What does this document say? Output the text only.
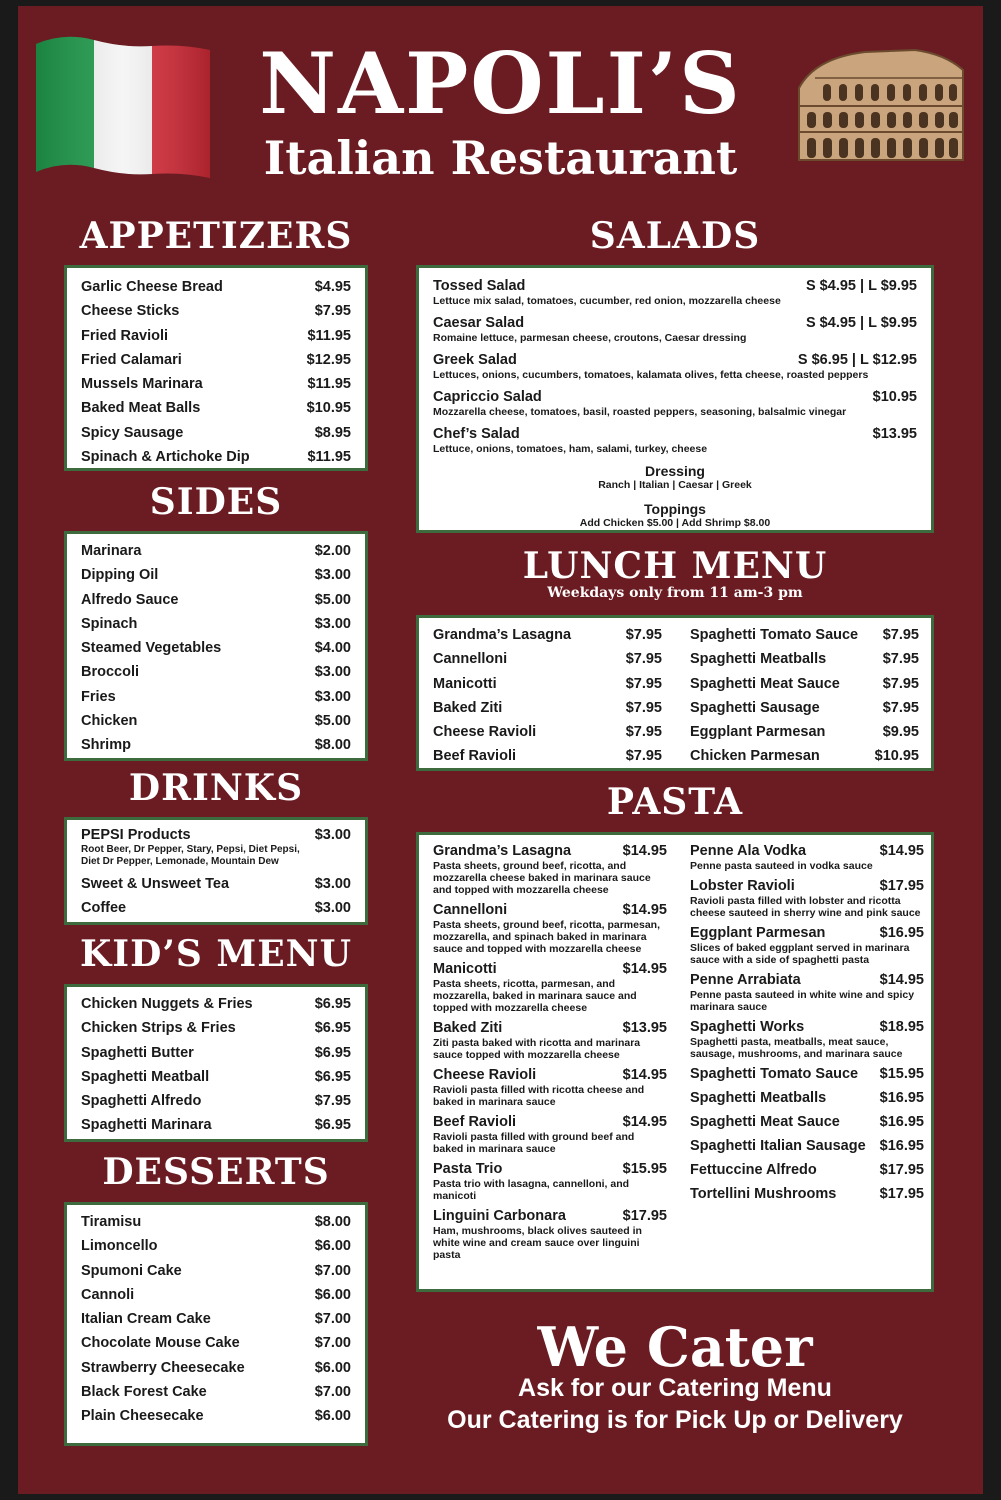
NAPOLI’S
Italian Restaurant
APPETIZERS
SIDES
DRINKS
KID’S MENU
DESSERTS
SALADS
LUNCH MENU
Weekdays only from 11 am-3 pm
PASTA
Garlic Cheese Bread	$4.95
Cheese Sticks	$7.95
Fried Ravioli	$11.95
Fried Calamari	$12.95
Mussels Marinara	$11.95
Baked Meat Balls	$10.95
Spicy Sausage	$8.95
Spinach & Artichoke Dip	$11.95
Marinara	$2.00
Dipping Oil	$3.00
Alfredo Sauce	$5.00
Spinach	$3.00
Steamed Vegetables	$4.00
Broccoli	$3.00
Fries	$3.00
Chicken	$5.00
Shrimp	$8.00
PEPSI Products	$3.00
Root Beer, Dr Pepper, Stary, Pepsi, Diet Pepsi, Diet Dr Pepper, Lemonade, Mountain Dew
Sweet & Unsweet Tea	$3.00
Coffee	$3.00
Chicken Nuggets & Fries	$6.95
Chicken Strips & Fries	$6.95
Spaghetti Butter	$6.95
Spaghetti Meatball	$6.95
Spaghetti Alfredo	$7.95
Spaghetti Marinara	$6.95
Tiramisu	$8.00
Limoncello	$6.00
Spumoni Cake	$7.00
Cannoli	$6.00
Italian Cream Cake	$7.00
Chocolate Mouse Cake	$7.00
Strawberry Cheesecake	$6.00
Black Forest Cake	$7.00
Plain Cheesecake	$6.00
Tossed Salad	S $4.95 | L $9.95
Lettuce mix salad, tomatoes, cucumber, red onion, mozzarella cheese
Caesar Salad	S $4.95 | L $9.95
Romaine lettuce, parmesan cheese, croutons, Caesar dressing
Greek Salad	S $6.95 | L $12.95
Lettuces, onions, cucumbers, tomatoes, kalamata olives, fetta cheese, roasted peppers
Capriccio Salad	$10.95
Mozzarella cheese, tomatoes, basil, roasted peppers, seasoning, balsalmic vinegar
Chef’s Salad	$13.95
Lettuce, onions, tomatoes, ham, salami, turkey, cheese
Dressing
Ranch | Italian | Caesar | Greek
Toppings
Add Chicken $5.00 | Add Shrimp $8.00
Grandma’s Lasagna	$7.95
Cannelloni	$7.95
Manicotti	$7.95
Baked Ziti	$7.95
Cheese Ravioli	$7.95
Beef Ravioli	$7.95
Spaghetti Tomato Sauce $7.95
Spaghetti Meatballs	$7.95
Spaghetti Meat Sauce	$7.95
Spaghetti Sausage	$7.95
Eggplant Parmesan	$9.95
Chicken Parmesan	$10.95
Grandma’s Lasagna	$14.95
Pasta sheets, ground beef, ricotta, and mozzarella cheese baked in marinara sauce and topped with mozzarella cheese
Cannelloni	$14.95
Pasta sheets, ground beef, ricotta, parmesan, mozzarella, and spinach baked in marinara sauce and topped with mozzarella cheese
Manicotti	$14.95
Pasta sheets, ricotta, parmesan, and mozzarella, baked in marinara sauce and topped with mozzarella cheese
Baked Ziti	$13.95
Ziti pasta baked with ricotta and marinara sauce topped with mozzarella cheese
Cheese Ravioli	$14.95
Ravioli pasta filled with ricotta cheese and baked in marinara sauce
Beef Ravioli	$14.95
Ravioli pasta filled with ground beef and baked in marinara sauce
Pasta Trio	$15.95
Pasta trio with lasagna, cannelloni, and manicoti
Linguini Carbonara	$17.95
Ham, mushrooms, black olives sauteed in white wine and cream sauce over linguini pasta
Penne Ala Vodka	$14.95
Penne pasta sauteed in vodka sauce
Lobster Ravioli	$17.95
Ravioli pasta filled with lobster and ricotta cheese sauteed in sherry wine and pink sauce
Eggplant Parmesan	$16.95
Slices of baked eggplant served in marinara sauce with a side of spaghetti pasta
Penne Arrabiata	$14.95
Penne pasta sauteed in white wine and spicy marinara sauce
Spaghetti Works	$18.95
Spaghetti pasta, meatballs, meat sauce, sausage, mushrooms, and marinara sauce
Spaghetti Tomato Sauce $15.95
Spaghetti Meatballs	$16.95
Spaghetti Meat Sauce	$16.95
Spaghetti Italian Sausage $16.95
Fettuccine Alfredo	$17.95
Tortellini Mushrooms	$17.95
We Cater
Ask for our Catering Menu
Our Catering is for Pick Up or Delivery
